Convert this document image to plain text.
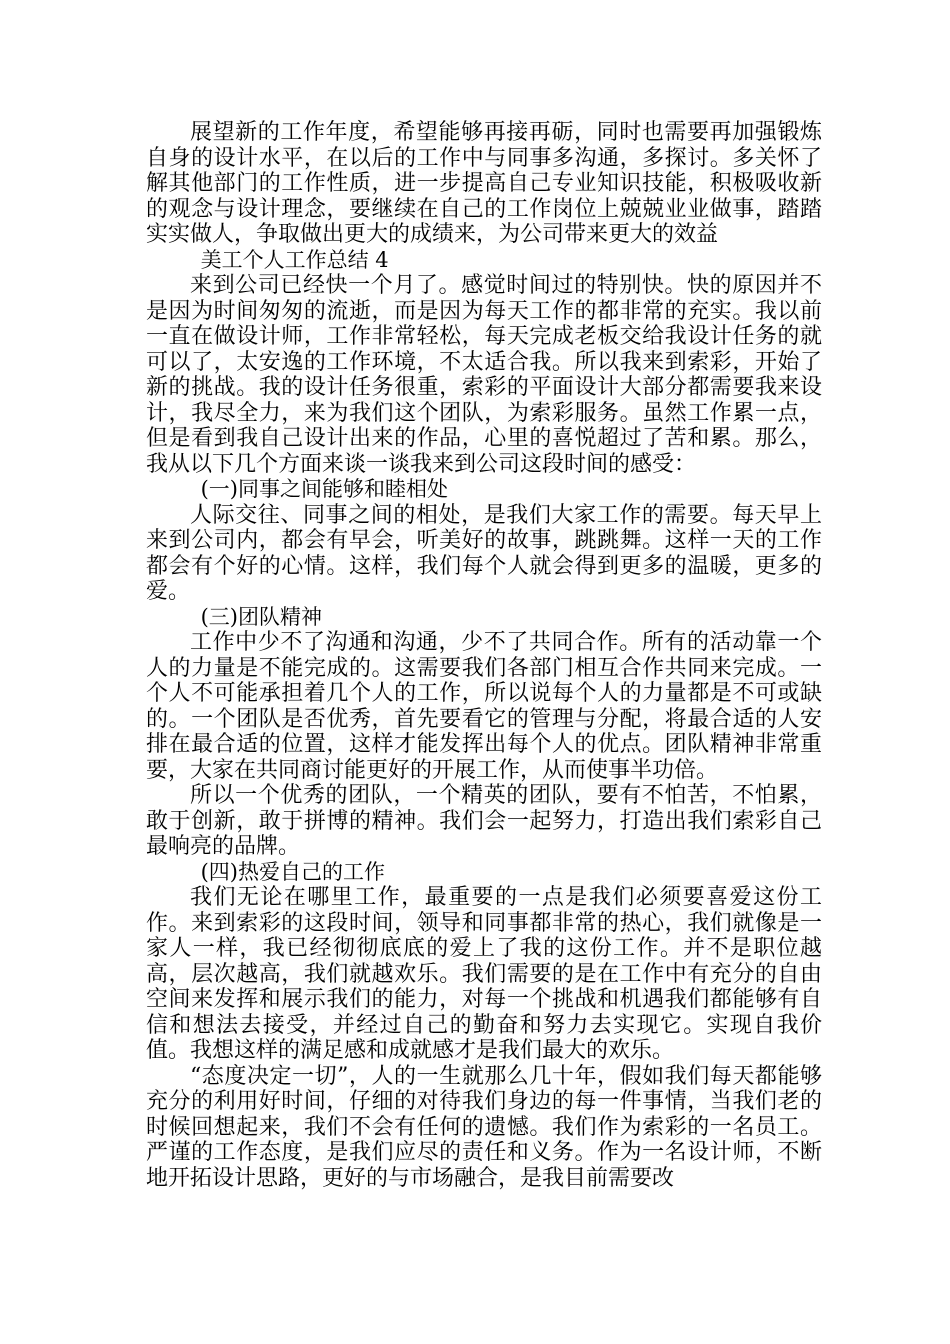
展望新的工作年度，希望能够再接再砺，同时也需要再加强锻炼自身的设计水平，在以后的工作中与同事多沟通，多探讨。多关怀了解其他部门的工作性质，进一步提高自己专业知识技能，积极吸收新的观念与设计理念，要继续在自己的工作岗位上兢兢业业做事，踏踏实实做人，争取做出更大的成绩来，为公司带来更大的效益

美工个人工作总结 4

来到公司已经快一个月了。感觉时间过的特别快。快的原因并不是因为时间匆匆的流逝，而是因为每天工作的都非常的充实。我以前一直在做设计师，工作非常轻松，每天完成老板交给我设计任务的就可以了，太安逸的工作环境，不太适合我。所以我来到索彩，开始了新的挑战。我的设计任务很重，索彩的平面设计大部分都需要我来设计，我尽全力，来为我们这个团队，为索彩服务。虽然工作累一点，但是看到我自己设计出来的作品，心里的喜悦超过了苦和累。那么，我从以下几个方面来谈一谈我来到公司这段时间的感受：

(一)同事之间能够和睦相处

人际交往、同事之间的相处，是我们大家工作的需要。每天早上来到公司内，都会有早会，听美好的故事，跳跳舞。这样一天的工作都会有个好的心情。这样，我们每个人就会得到更多的温暖，更多的爱。

(三)团队精神

工作中少不了沟通和沟通，少不了共同合作。所有的活动靠一个人的力量是不能完成的。这需要我们各部门相互合作共同来完成。一个人不可能承担着几个人的工作，所以说每个人的力量都是不可或缺的。一个团队是否优秀，首先要看它的管理与分配，将最合适的人安排在最合适的位置，这样才能发挥出每个人的优点。团队精神非常重要，大家在共同商讨能更好的开展工作，从而使事半功倍。

所以一个优秀的团队，一个精英的团队，要有不怕苦，不怕累，敢于创新，敢于拼博的精神。我们会一起努力，打造出我们索彩自己最响亮的品牌。

(四)热爱自己的工作

我们无论在哪里工作，最重要的一点是我们必须要喜爱这份工作。来到索彩的这段时间，领导和同事都非常的热心，我们就像是一家人一样，我已经彻彻底底的爱上了我的这份工作。并不是职位越高，层次越高，我们就越欢乐。我们需要的是在工作中有充分的自由空间来发挥和展示我们的能力，对每一个挑战和机遇我们都能够有自信和想法去接受，并经过自己的勤奋和努力去实现它。实现自我价值。我想这样的满足感和成就感才是我们最大的欢乐。

“态度决定一切”，人的一生就那么几十年，假如我们每天都能够充分的利用好时间，仔细的对待我们身边的每一件事情，当我们老的时候回想起来，我们不会有任何的遗憾。我们作为索彩的一名员工。严谨的工作态度，是我们应尽的责任和义务。作为一名设计师，不断地开拓设计思路，更好的与市场融合，是我目前需要改
